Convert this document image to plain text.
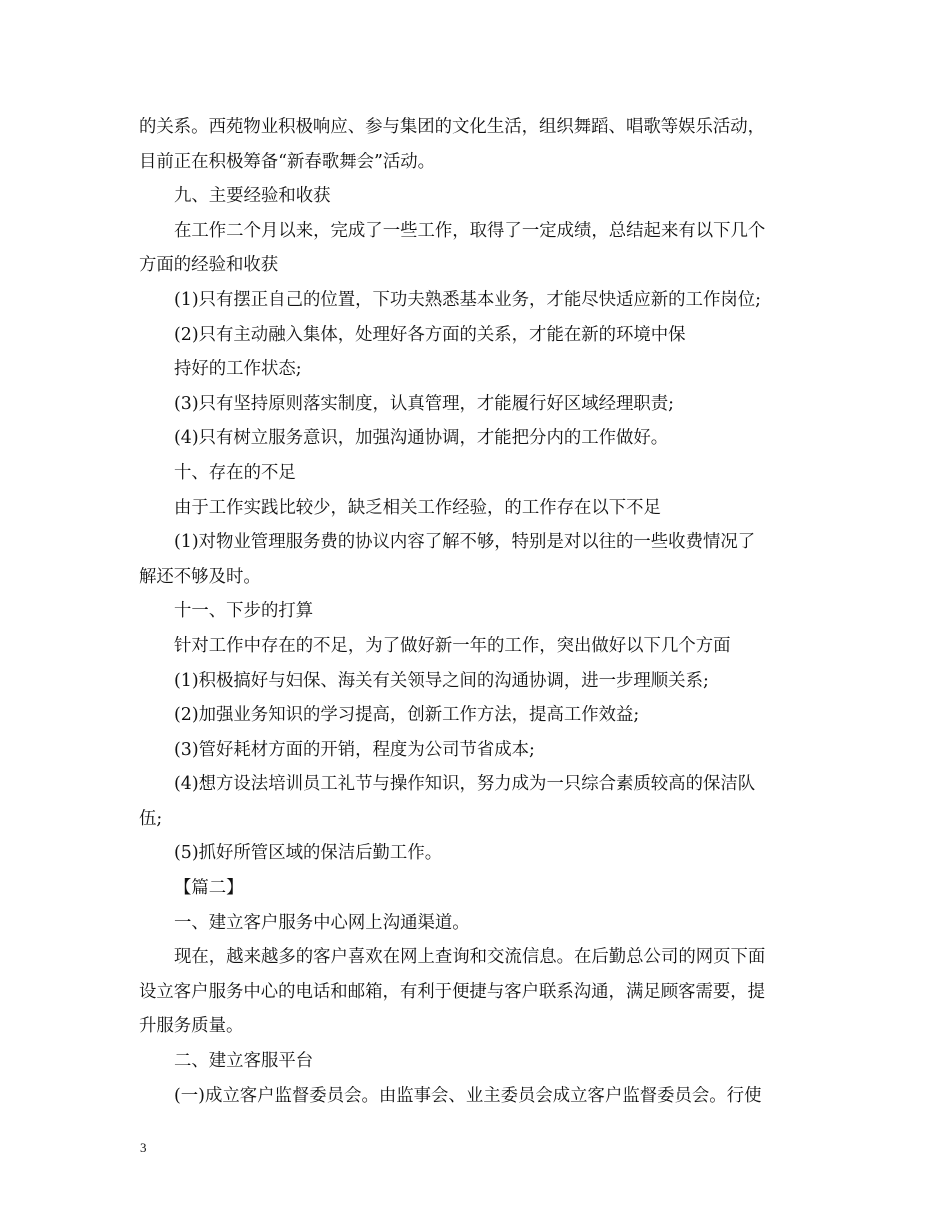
的关系。西苑物业积极响应、参与集团的文化生活，组织舞蹈、唱歌等娱乐活动，
目前正在积极筹备“新春歌舞会”活动。
九、主要经验和收获
在工作二个月以来，完成了一些工作，取得了一定成绩，总结起来有以下几个
方面的经验和收获
(1)只有摆正自己的位置，下功夫熟悉基本业务，才能尽快适应新的工作岗位;
(2)只有主动融入集体，处理好各方面的关系，才能在新的环境中保
持好的工作状态;
(3)只有坚持原则落实制度，认真管理，才能履行好区域经理职责;
(4)只有树立服务意识，加强沟通协调，才能把分内的工作做好。
十、存在的不足
由于工作实践比较少，缺乏相关工作经验，的工作存在以下不足
(1)对物业管理服务费的协议内容了解不够，特别是对以往的一些收费情况了
解还不够及时。
十一、下步的打算
针对工作中存在的不足，为了做好新一年的工作，突出做好以下几个方面
(1)积极搞好与妇保、海关有关领导之间的沟通协调，进一步理顺关系;
(2)加强业务知识的学习提高，创新工作方法，提高工作效益;
(3)管好耗材方面的开销，程度为公司节省成本;
(4)想方设法培训员工礼节与操作知识，努力成为一只综合素质较高的保洁队
伍;
(5)抓好所管区域的保洁后勤工作。
【篇二】
一、建立客户服务中心网上沟通渠道。
现在，越来越多的客户喜欢在网上查询和交流信息。在后勤总公司的网页下面
设立客户服务中心的电话和邮箱，有利于便捷与客户联系沟通，满足顾客需要，提
升服务质量。
二、建立客服平台
(一)成立客户监督委员会。由监事会、业主委员会成立客户监督委员会。行使
3
